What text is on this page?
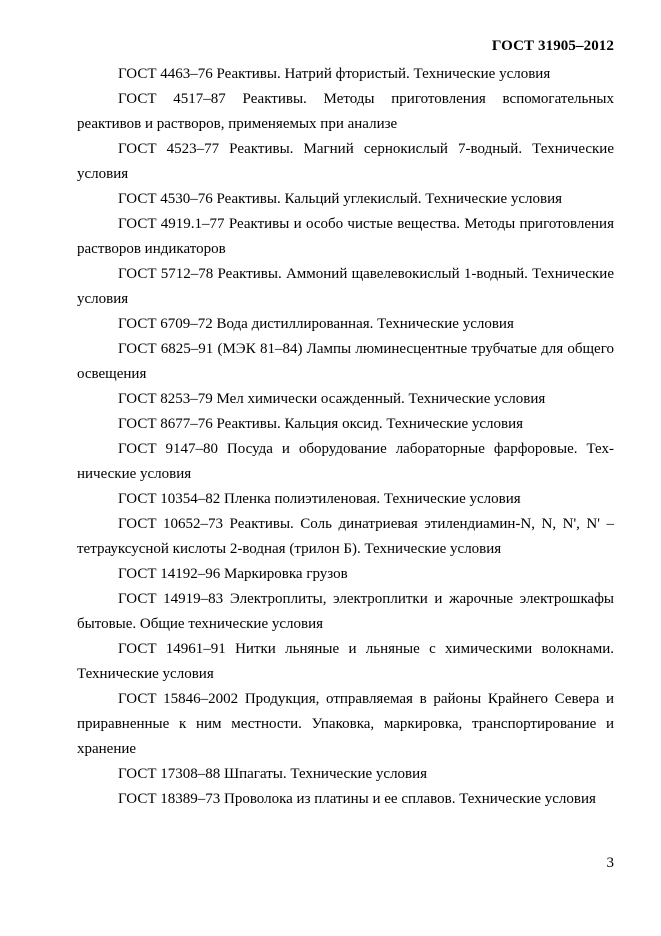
ГОСТ 31905–2012

ГОСТ 4463–76 Реактивы. Натрий фтористый. Технические условия

ГОСТ 4517–87 Реактивы. Методы приготовления вспомогательных реактивов и растворов, применяемых при анализе

ГОСТ 4523–77 Реактивы. Магний сернокислый 7-водный. Технические условия

ГОСТ 4530–76 Реактивы. Кальций углекислый. Технические условия

ГОСТ 4919.1–77 Реактивы и особо чистые вещества. Методы приготовления растворов индикаторов

ГОСТ 5712–78 Реактивы. Аммоний щавелевокислый 1-водный. Технические условия

ГОСТ 6709–72 Вода дистиллированная. Технические условия

ГОСТ 6825–91 (МЭК 81–84) Лампы люминесцентные трубчатые для общего освещения

ГОСТ 8253–79 Мел химически осажденный. Технические условия

ГОСТ 8677–76 Реактивы. Кальция оксид. Технические условия

ГОСТ 9147–80 Посуда и оборудование лабораторные фарфоровые. Технические условия

ГОСТ 10354–82 Пленка полиэтиленовая. Технические условия

ГОСТ 10652–73 Реактивы. Соль динатриевая этилендиамин-N, N, N', N' – тетрауксусной кислоты 2-водная (трилон Б). Технические условия

ГОСТ 14192–96 Маркировка грузов

ГОСТ 14919–83 Электроплиты, электроплитки и жарочные электрошкафы бытовые. Общие технические условия

ГОСТ 14961–91 Нитки льняные и льняные с химическими волокнами. Технические условия

ГОСТ 15846–2002 Продукция, отправляемая в районы Крайнего Севера и приравненные к ним местности. Упаковка, маркировка, транспортирование и хранение

ГОСТ 17308–88 Шпагаты. Технические условия

ГОСТ 18389–73 Проволока из платины и ее сплавов. Технические условия

3
